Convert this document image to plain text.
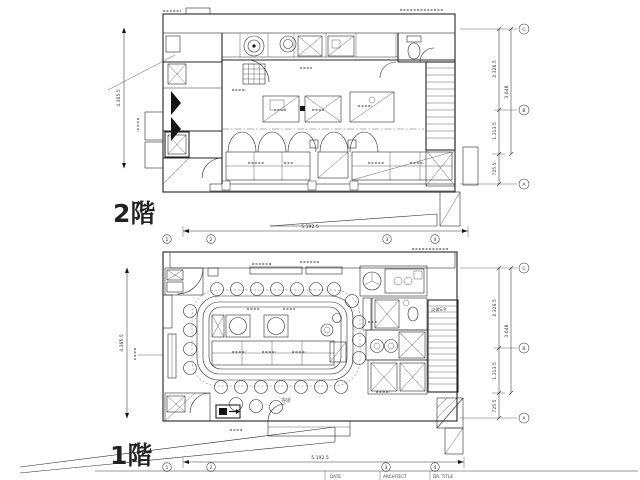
4.365.5
5.192.5
1	2	3	4
2.326.5
1.313.5
725.5
3.648
C
B
A
客席
設備S.P.
4.365.5
5.192.5
1	2	3	4
2.326.5
1.313.5
725.5
3.648
C
B
A
DATE	ARCHITECT	DR. TITLE
2階
1階
